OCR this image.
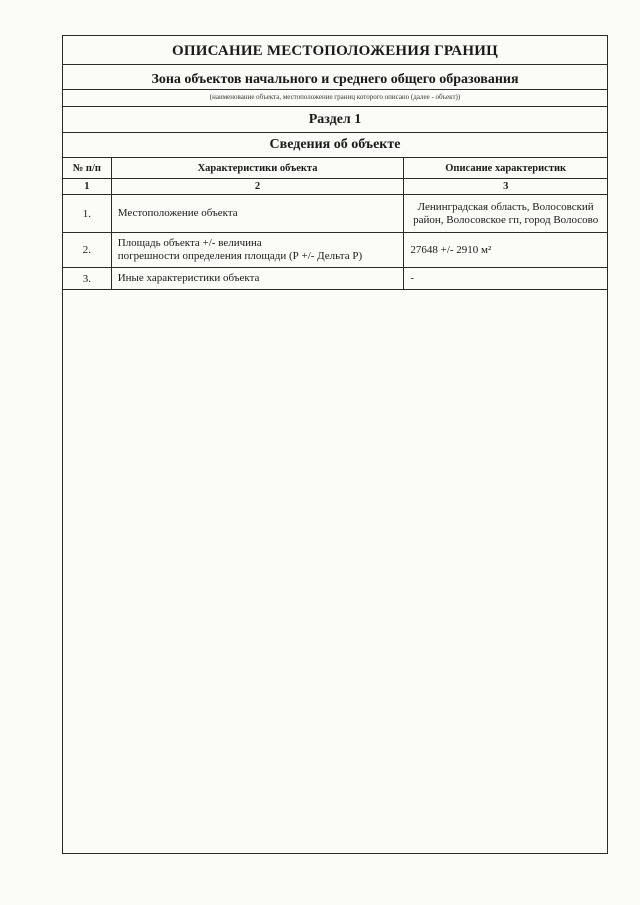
ОПИСАНИЕ МЕСТОПОЛОЖЕНИЯ ГРАНИЦ
Зона объектов начального и среднего общего образования
(наименование объекта, местоположение границ которого описано (далее - объект))
Раздел 1
Сведения об объекте
№ п/п	Характеристики объекта	Описание характеристик
1	2	3
1.	Местоположение объекта	Ленинградская область, Волосовский
район, Волосовское гп, город Волосово

2.	Площадь объекта +/- величина
погрешности определения площади (Р +/- Дельта Р)	27648 +/- 2910 м²

3.	Иные характеристики объекта	-
